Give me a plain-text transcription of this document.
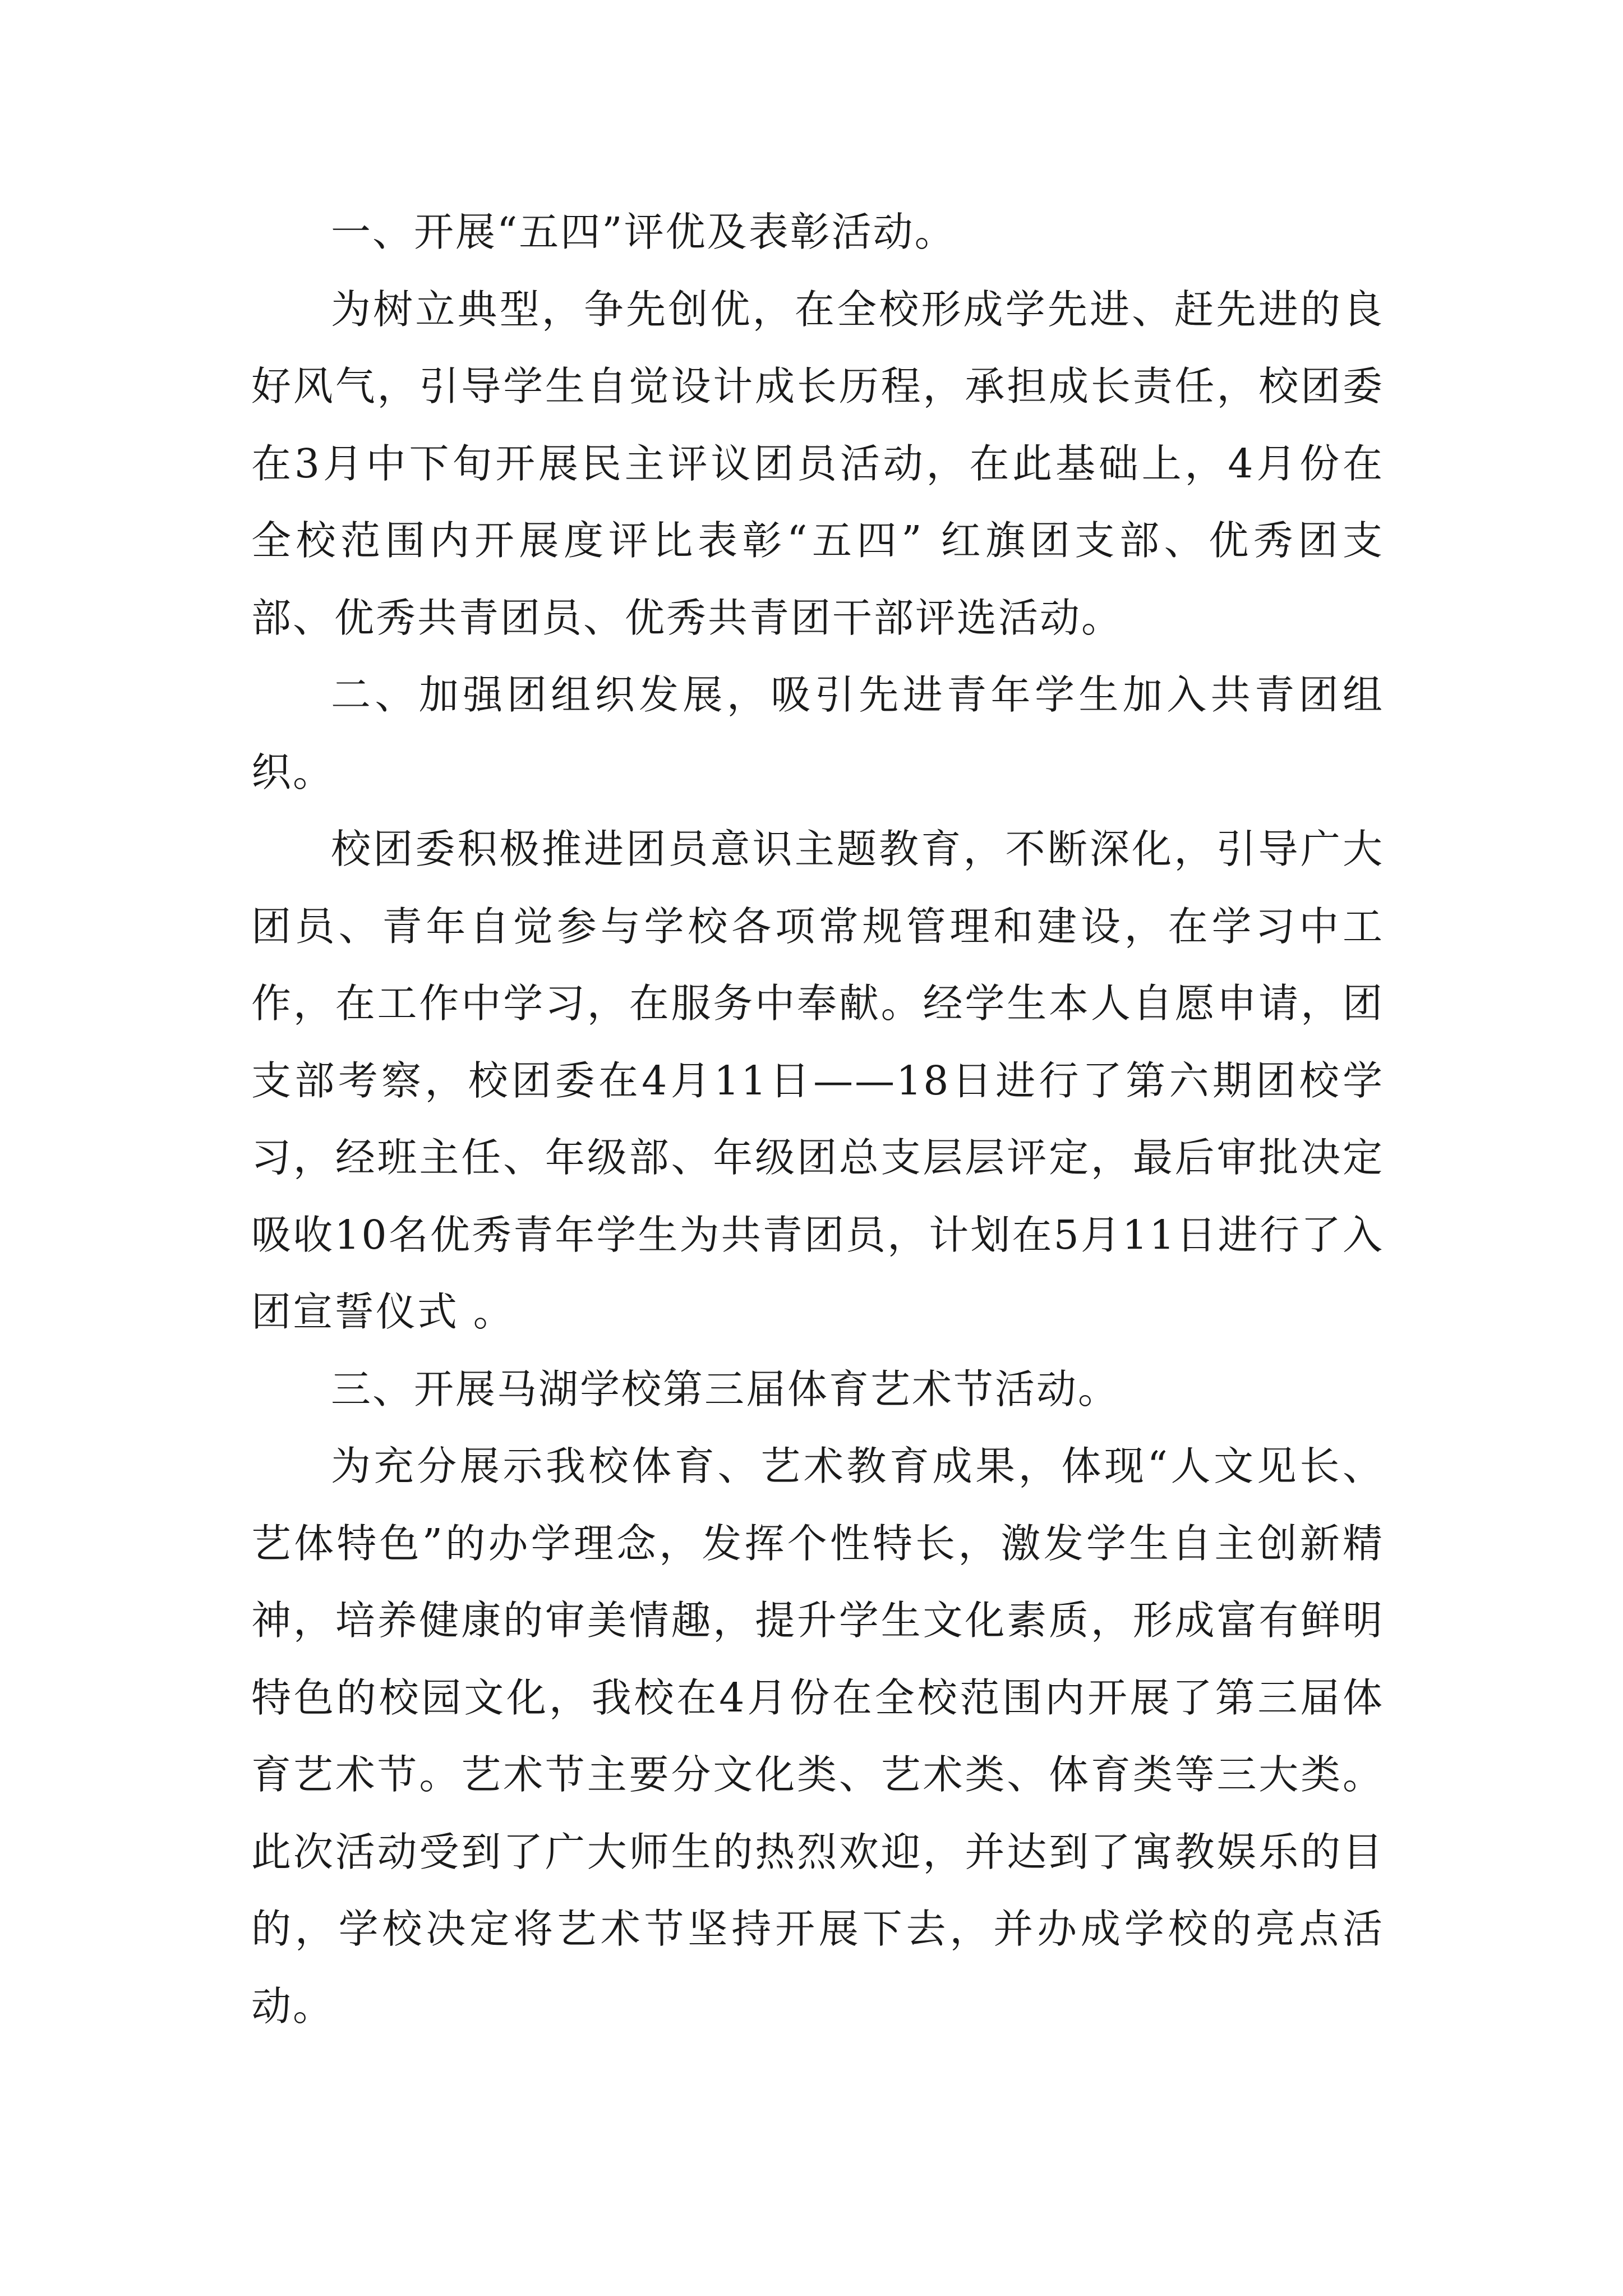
一、开展“五四”评优及表彰活动。

为树立典型，争先创优，在全校形成学先进、赶先进的良好风气，引导学生自觉设计成长历程，承担成长责任，校团委在3月中下旬开展民主评议团员活动，在此基础上，4月份在全校范围内开展度评比表彰“五四” 红旗团支部、优秀团支部、优秀共青团员、优秀共青团干部评选活动。

二、加强团组织发展，吸引先进青年学生加入共青团组织。

校团委积极推进团员意识主题教育，不断深化，引导广大团员、青年自觉参与学校各项常规管理和建设，在学习中工作，在工作中学习，在服务中奉献。经学生本人自愿申请，团支部考察，校团委在4月11日——18日进行了第六期团校学习，经班主任、年级部、年级团总支层层评定，最后审批决定吸收10名优秀青年学生为共青团员，计划在5月11日进行了入团宣誓仪式 。

三、开展马湖学校第三届体育艺术节活动。

为充分展示我校体育、艺术教育成果，体现“人文见长、艺体特色”的办学理念，发挥个性特长，激发学生自主创新精神，培养健康的审美情趣，提升学生文化素质，形成富有鲜明特色的校园文化，我校在4月份在全校范围内开展了第三届体育艺术节。艺术节主要分文化类、艺术类、体育类等三大类。此次活动受到了广大师生的热烈欢迎，并达到了寓教娱乐的目的，学校决定将艺术节坚持开展下去，并办成学校的亮点活动。
